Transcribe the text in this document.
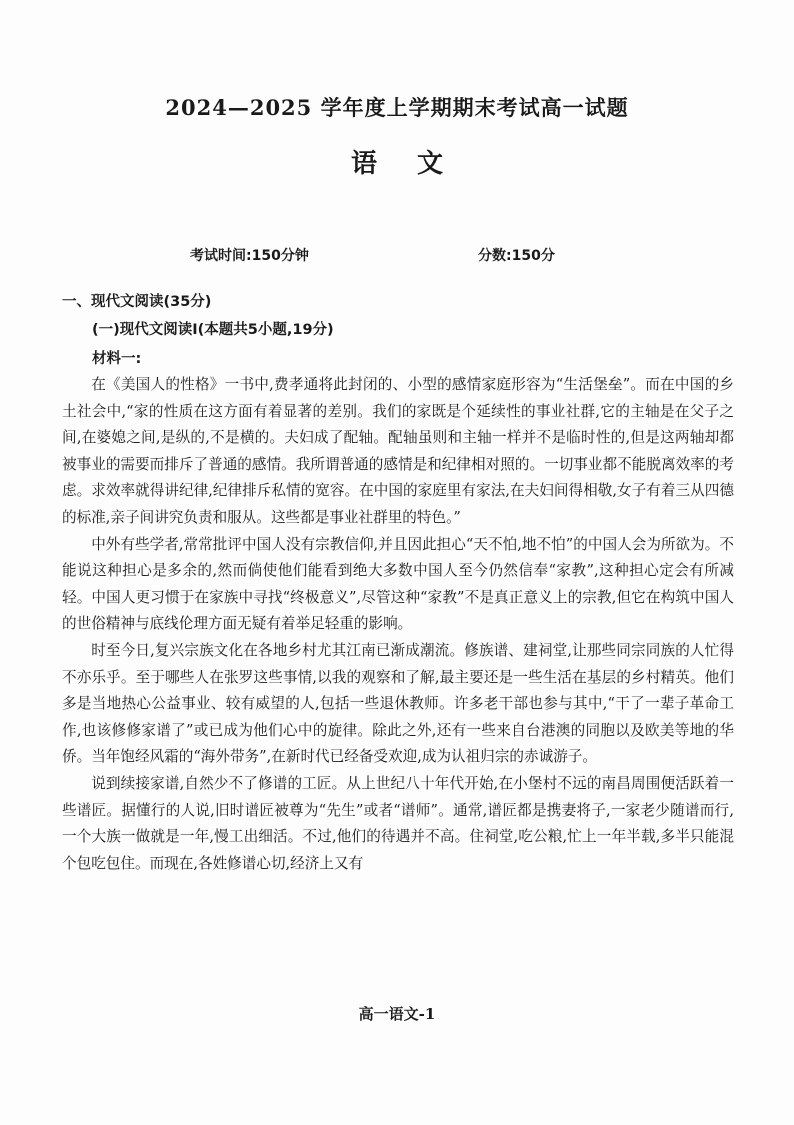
2024—2025 学年度上学期期末考试高一试题
语文
考试时间:150分钟	分数:150分
一、现代文阅读(35分)
(一)现代文阅读I(本题共5小题,19分)
材料一:

在《美国人的性格》一书中,费孝通将此封闭的、小型的感情家庭形容为“生活堡垒”。而在中国的乡土社会中,“家的性质在这方面有着显著的差别。我们的家既是个延续性的事业社群,它的主轴是在父子之间,在婆媳之间,是纵的,不是横的。夫妇成了配轴。配轴虽则和主轴一样并不是临时性的,但是这两轴却都被事业的需要而排斥了普通的感情。我所谓普通的感情是和纪律相对照的。一切事业都不能脱离效率的考虑。求效率就得讲纪律,纪律排斥私情的宽容。在中国的家庭里有家法,在夫妇间得相敬,女子有着三从四德的标准,亲子间讲究负责和服从。这些都是事业社群里的特色。”

中外有些学者,常常批评中国人没有宗教信仰,并且因此担心“天不怕,地不怕”的中国人会为所欲为。不能说这种担心是多余的,然而倘使他们能看到绝大多数中国人至今仍然信奉“家教”,这种担心定会有所减轻。中国人更习惯于在家族中寻找“终极意义”,尽管这种“家教”不是真正意义上的宗教,但它在构筑中国人的世俗精神与底线伦理方面无疑有着举足轻重的影响。

时至今日,复兴宗族文化在各地乡村尤其江南已渐成潮流。修族谱、建祠堂,让那些同宗同族的人忙得不亦乐乎。至于哪些人在张罗这些事情,以我的观察和了解,最主要还是一些生活在基层的乡村精英。他们多是当地热心公益事业、较有威望的人,包括一些退休教师。许多老干部也参与其中,“干了一辈子革命工作,也该修修家谱了”或已成为他们心中的旋律。除此之外,还有一些来自台港澳的同胞以及欧美等地的华侨。当年饱经风霜的“海外带务”,在新时代已经备受欢迎,成为认祖归宗的赤诚游子。

说到续接家谱,自然少不了修谱的工匠。从上世纪八十年代开始,在小堡村不远的南昌周围便活跃着一些谱匠。据懂行的人说,旧时谱匠被尊为“先生”或者“谱师”。通常,谱匠都是携妻将子,一家老少随谱而行,一个大族一做就是一年,慢工出细活。不过,他们的待遇并不高。住祠堂,吃公粮,忙上一年半载,多半只能混个包吃包住。而现在,各姓修谱心切,经济上又有

高一语文-1
